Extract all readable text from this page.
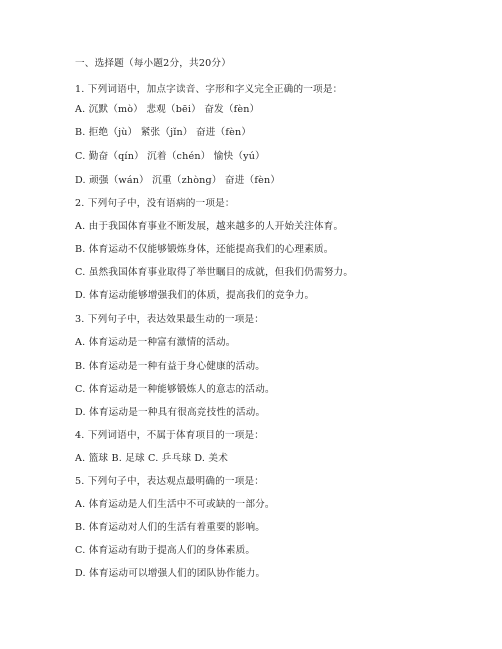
一、选择题（每小题2分，共20分）
1. 下列词语中，加点字读音、字形和字义完全正确的一项是：
A. 沉默（mò） 悲观（bēi） 奋发（fèn）
B. 拒绝（jù） 紧张（jǐn） 奋进（fèn）
C. 勤奋（qín） 沉着（chén） 愉快（yú）
D. 顽强（wán） 沉重（zhòng） 奋进（fèn）
2. 下列句子中，没有语病的一项是：
A. 由于我国体育事业不断发展，越来越多的人开始关注体育。
B. 体育运动不仅能够锻炼身体，还能提高我们的心理素质。
C. 虽然我国体育事业取得了举世瞩目的成就，但我们仍需努力。
D. 体育运动能够增强我们的体质，提高我们的竞争力。
3. 下列句子中，表达效果最生动的一项是：
A. 体育运动是一种富有激情的活动。
B. 体育运动是一种有益于身心健康的活动。
C. 体育运动是一种能够锻炼人的意志的活动。
D. 体育运动是一种具有很高竞技性的活动。
4. 下列词语中，不属于体育项目的一项是：
A. 篮球 B. 足球 C. 乒乓球 D. 美术
5. 下列句子中，表达观点最明确的一项是：
A. 体育运动是人们生活中不可或缺的一部分。
B. 体育运动对人们的生活有着重要的影响。
C. 体育运动有助于提高人们的身体素质。
D. 体育运动可以增强人们的团队协作能力。
